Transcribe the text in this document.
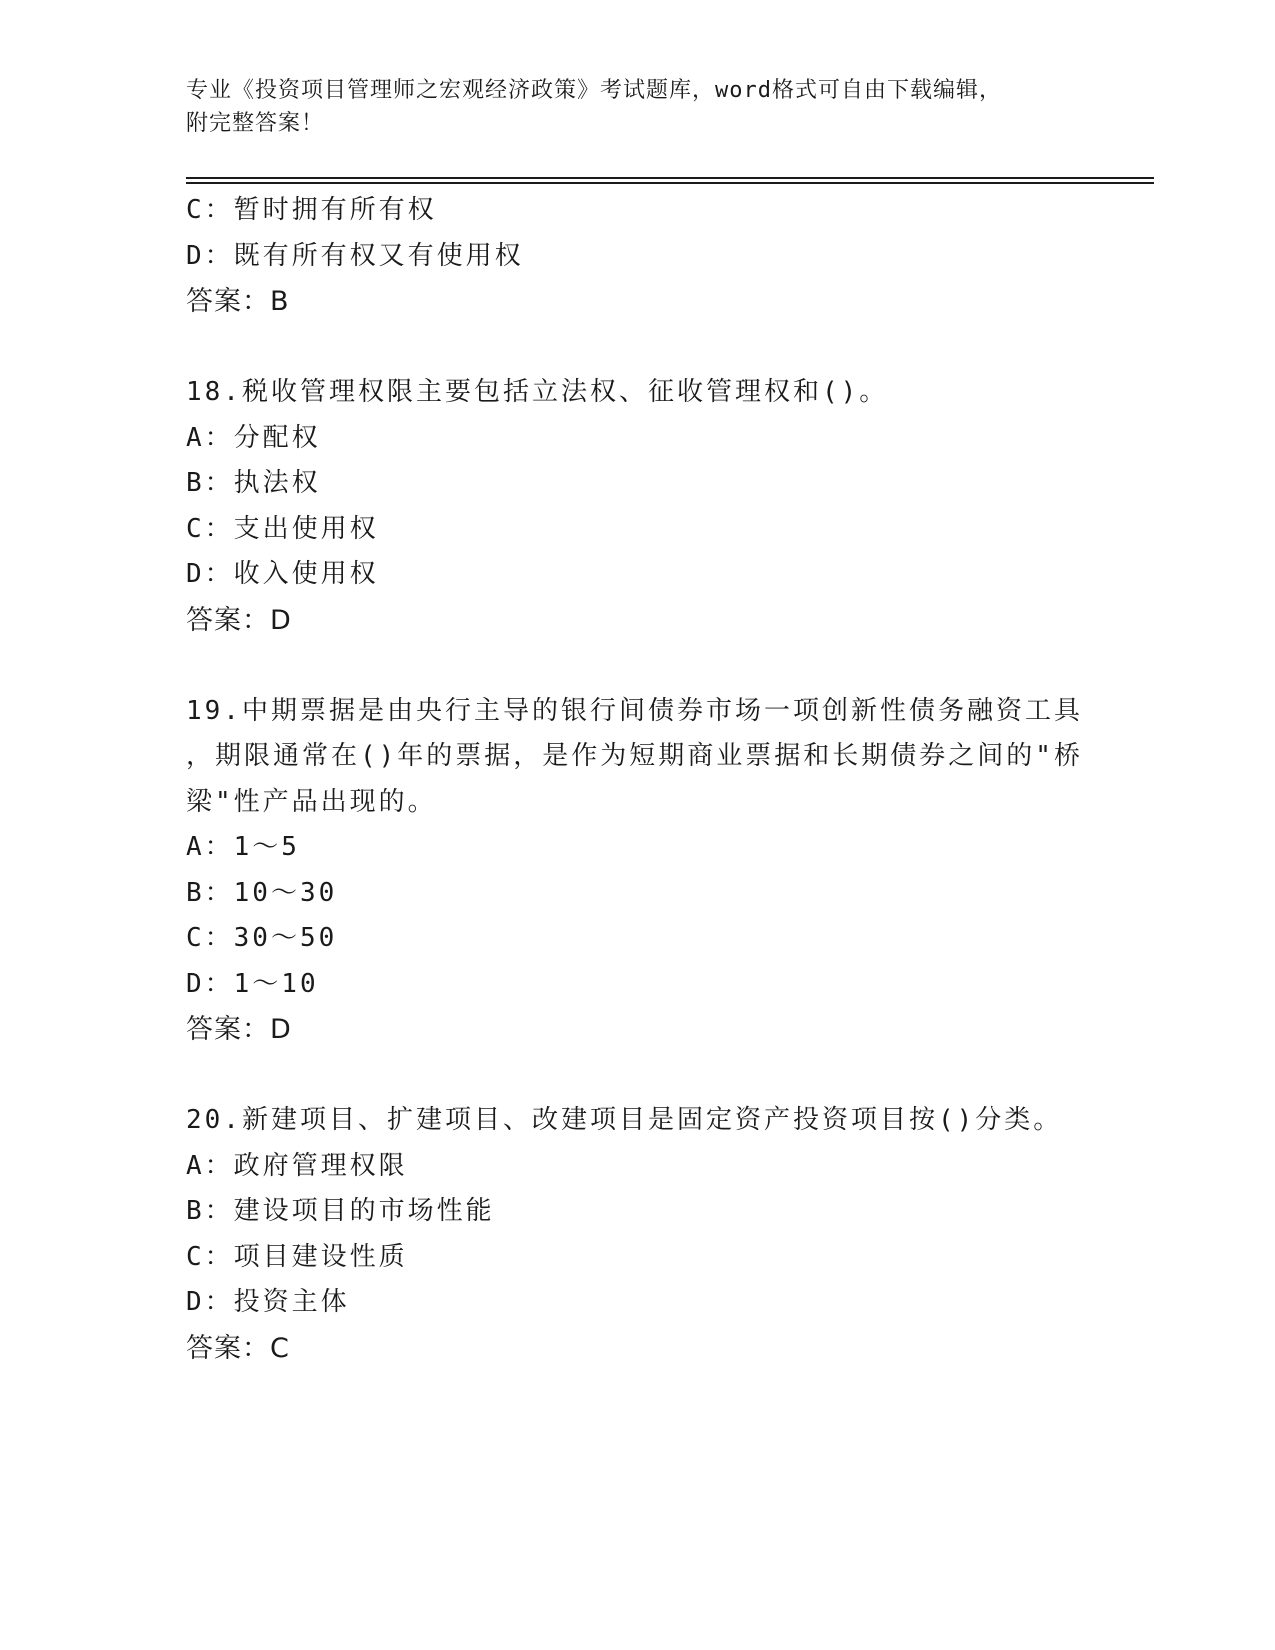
专业《投资项目管理师之宏观经济政策》考试题库，word格式可自由下载编辑，
附完整答案！
C：暂时拥有所有权
D：既有所有权又有使用权
答案：B
18.税收管理权限主要包括立法权、征收管理权和()。
A：分配权
B：执法权
C：支出使用权
D：收入使用权
答案：D
19.中期票据是由央行主导的银行间债券市场一项创新性债务融资工具
，期限通常在()年的票据，是作为短期商业票据和长期债券之间的"桥
梁"性产品出现的。
A：1～5
B：10～30
C：30～50
D：1～10
答案：D
20.新建项目、扩建项目、改建项目是固定资产投资项目按()分类。
A：政府管理权限
B：建设项目的市场性能
C：项目建设性质
D：投资主体
答案：C
